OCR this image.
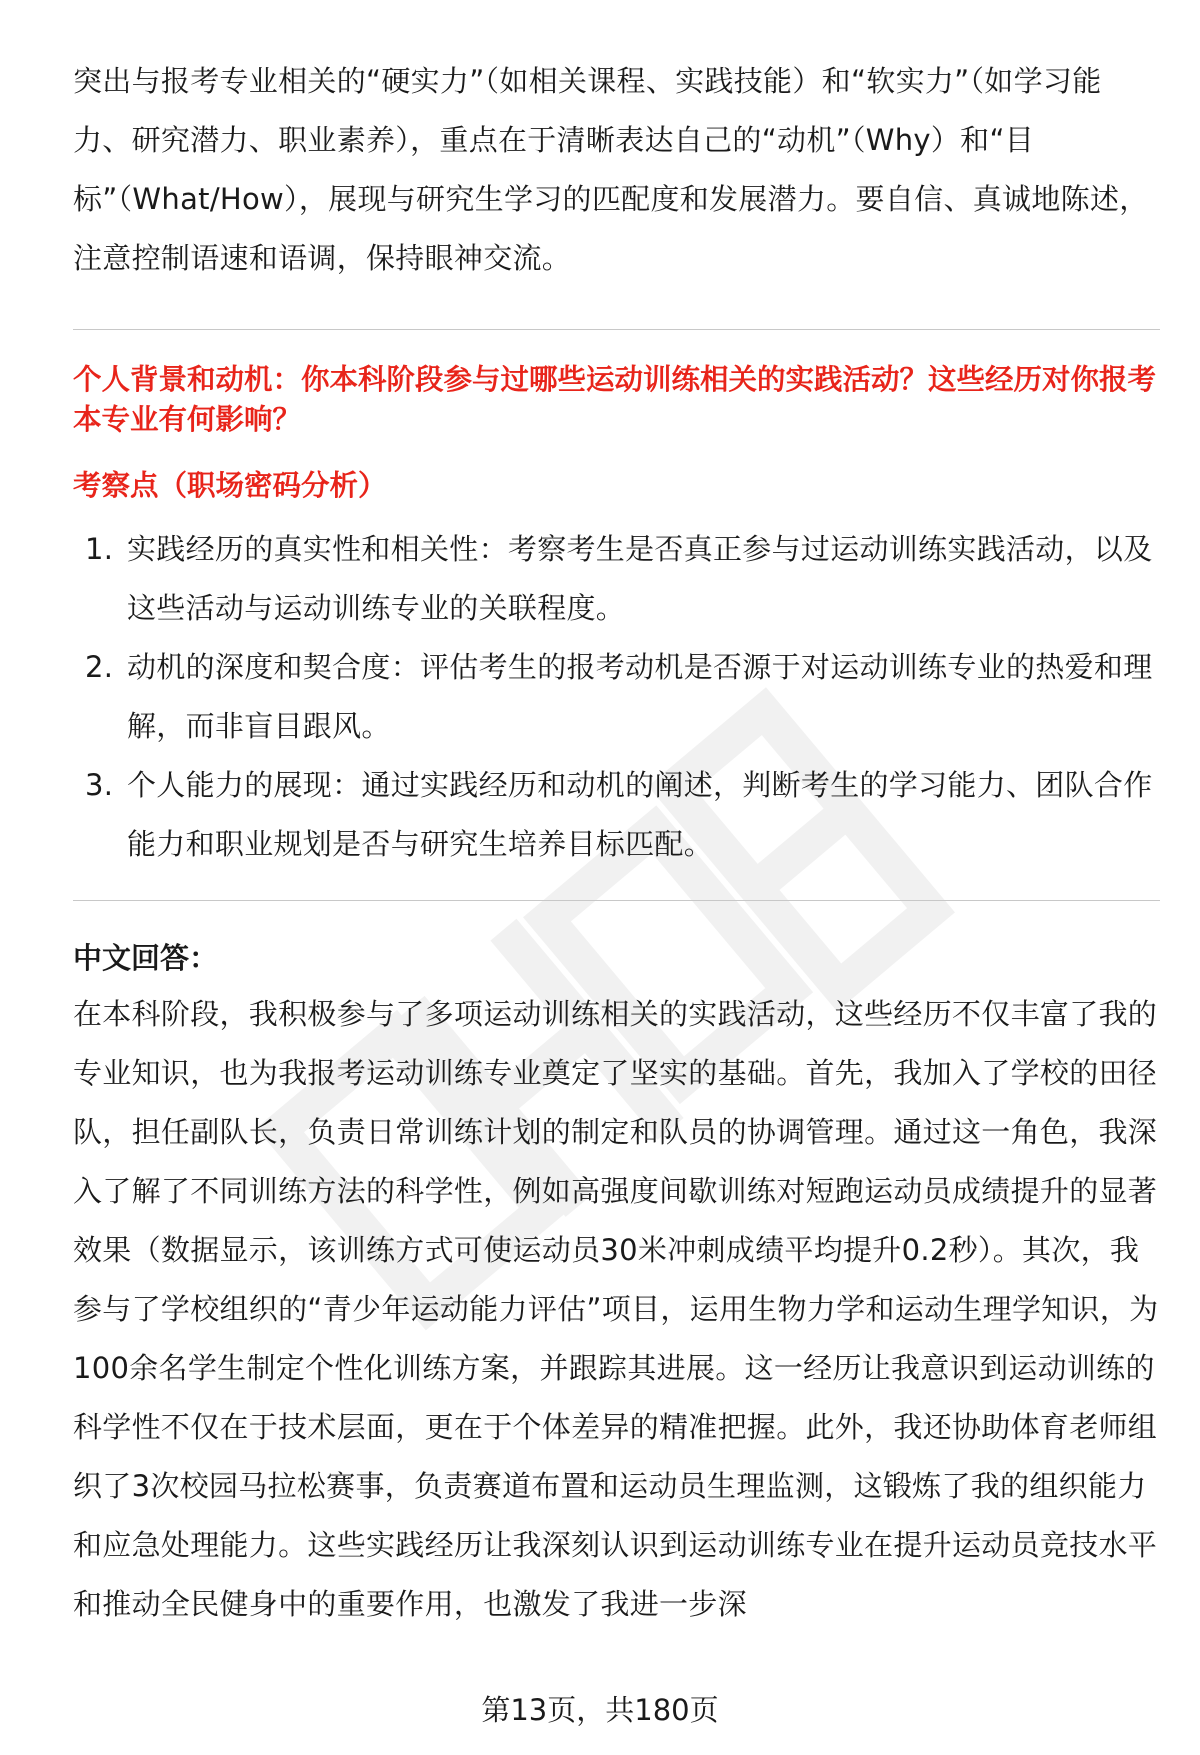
突出与报考专业相关的“硬实力”（如相关课程、实践技能）和“软实力”（如学习能力、研究潜力、职业素养），重点在于清晰表达自己的“动机”（Why）和“目标”（What/How），展现与研究生学习的匹配度和发展潜力。要自信、真诚地陈述，注意控制语速和语调，保持眼神交流。

个人背景和动机：你本科阶段参与过哪些运动训练相关的实践活动？这些经历对你报考本专业有何影响？

考察点（职场密码分析）

1. 实践经历的真实性和相关性：考察考生是否真正参与过运动训练实践活动，以及这些活动与运动训练专业的关联程度。
2. 动机的深度和契合度：评估考生的报考动机是否源于对运动训练专业的热爱和理解，而非盲目跟风。
3. 个人能力的展现：通过实践经历和动机的阐述，判断考生的学习能力、团队合作能力和职业规划是否与研究生培养目标匹配。

中文回答：

在本科阶段，我积极参与了多项运动训练相关的实践活动，这些经历不仅丰富了我的专业知识，也为我报考运动训练专业奠定了坚实的基础。首先，我加入了学校的田径队，担任副队长，负责日常训练计划的制定和队员的协调管理。通过这一角色，我深入了解了不同训练方法的科学性，例如高强度间歇训练对短跑运动员成绩提升的显著效果（数据显示，该训练方式可使运动员30米冲刺成绩平均提升0.2秒）。其次，我参与了学校组织的“青少年运动能力评估”项目，运用生物力学和运动生理学知识，为100余名学生制定个性化训练方案，并跟踪其进展。这一经历让我意识到运动训练的科学性不仅在于技术层面，更在于个体差异的精准把握。此外，我还协助体育老师组织了3次校园马拉松赛事，负责赛道布置和运动员生理监测，这锻炼了我的组织能力和应急处理能力。这些实践经历让我深刻认识到运动训练专业在提升运动员竞技水平和推动全民健身中的重要作用，也激发了我进一步深

第13页，共180页
